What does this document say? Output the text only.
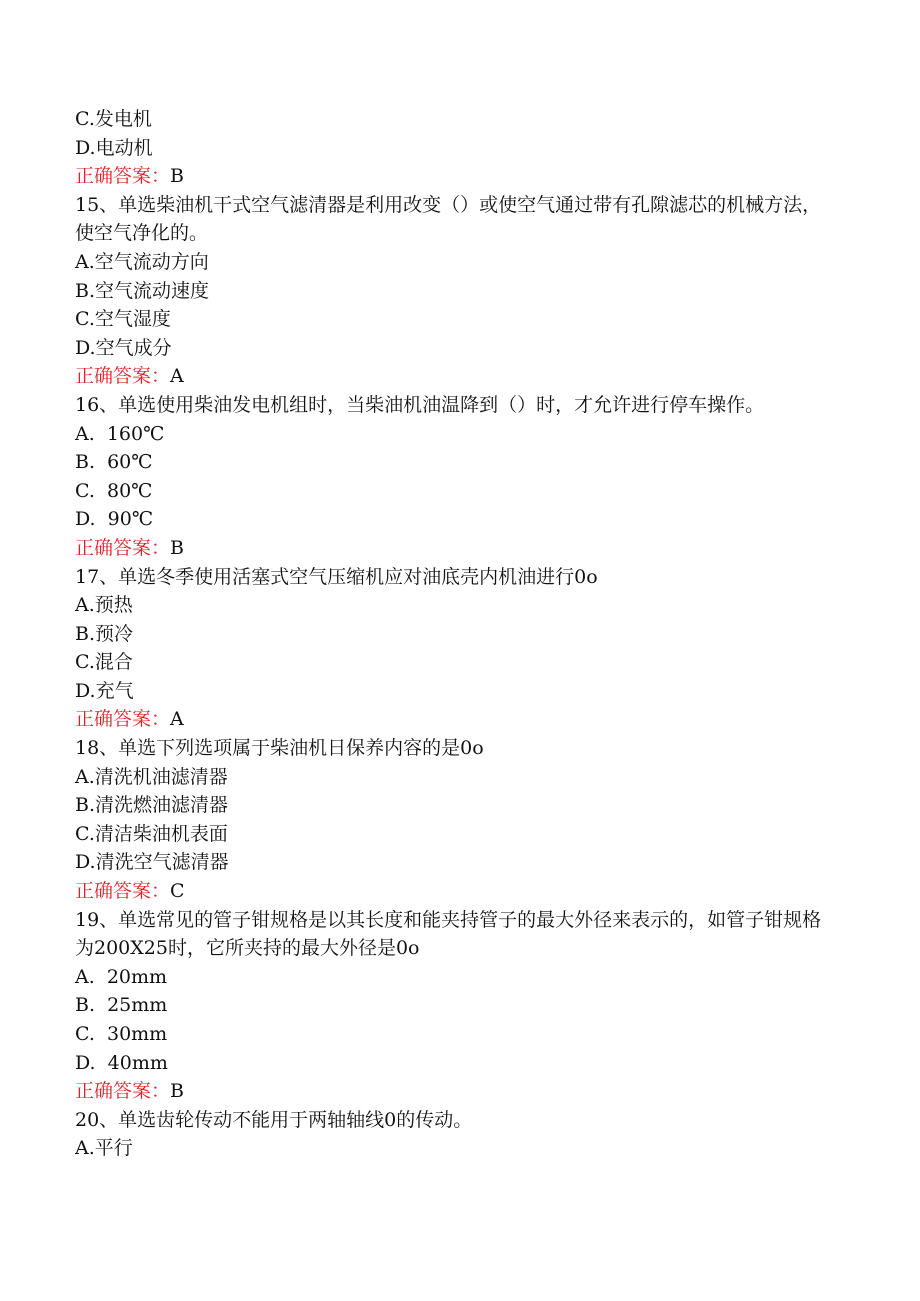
C.发电机
D.电动机
正确答案：B
15、单选柴油机干式空气滤清器是利用改变（）或使空气通过带有孔隙滤芯的机械方法，使空气净化的。
A.空气流动方向
B.空气流动速度
C.空气湿度
D.空气成分
正确答案：A
16、单选使用柴油发电机组时，当柴油机油温降到（）时，才允许进行停车操作。
A.  160℃
B.  60℃
C.  80℃
D.  90℃
正确答案：B
17、单选冬季使用活塞式空气压缩机应对油底壳内机油进行0o
A.预热
B.预冷
C.混合
D.充气
正确答案：A
18、单选下列选项属于柴油机日保养内容的是0o
A.清洗机油滤清器
B.清洗燃油滤清器
C.清洁柴油机表面
D.清洗空气滤清器
正确答案：C
19、单选常见的管子钳规格是以其长度和能夹持管子的最大外径来表示的，如管子钳规格为200X25时，它所夹持的最大外径是0o
A.  20mm
B.  25mm
C.  30mm
D.  40mm
正确答案：B
20、单选齿轮传动不能用于两轴轴线0的传动。
A.平行
